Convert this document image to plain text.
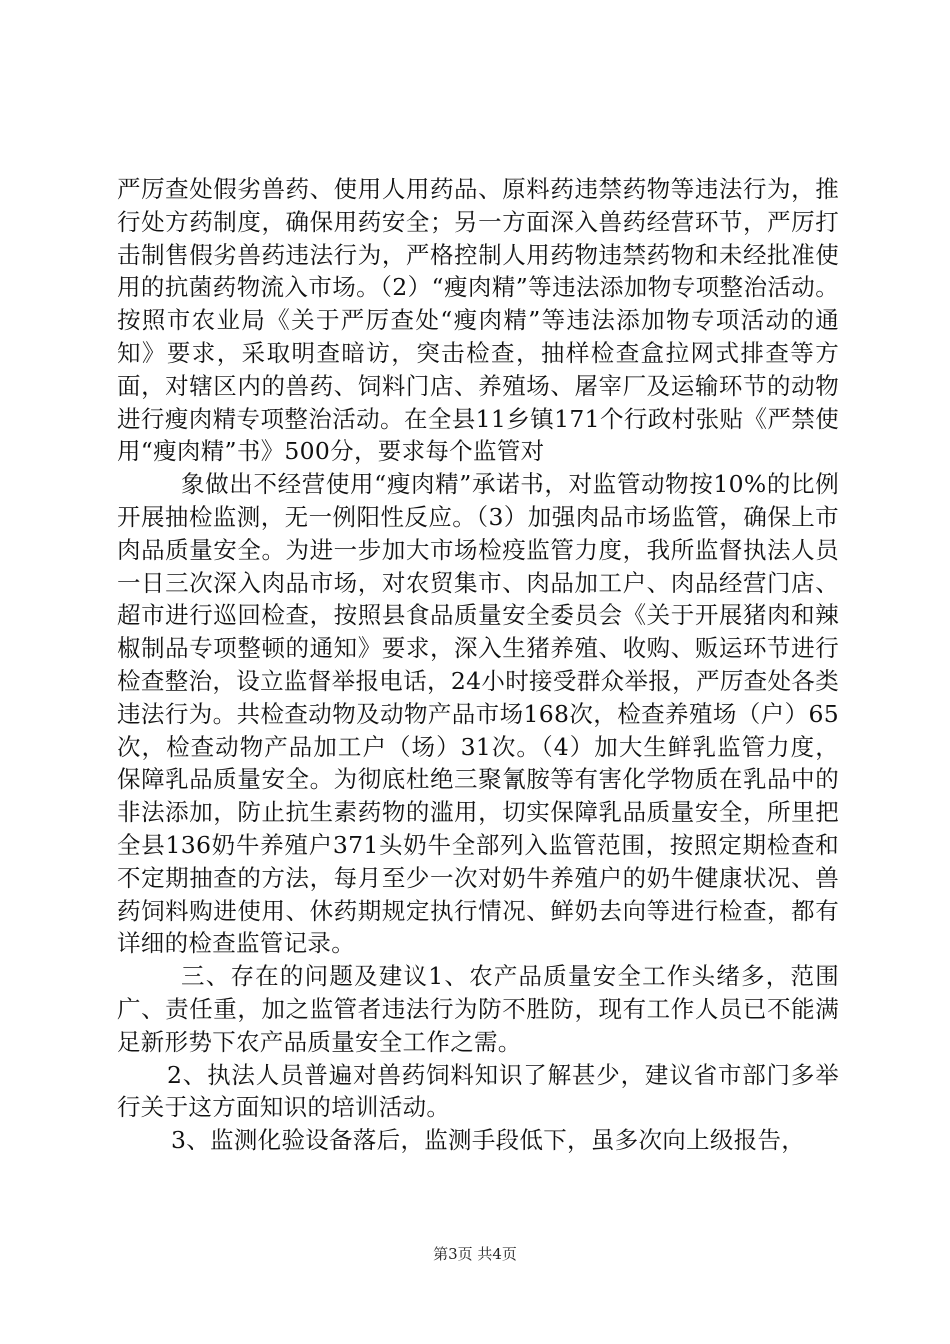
严厉查处假劣兽药、使用人用药品、原料药违禁药物等违法行为，推行处方药制度，确保用药安全；另一方面深入兽药经营环节，严厉打击制售假劣兽药违法行为，严格控制人用药物违禁药物和未经批准使用的抗菌药物流入市场。（2）“瘦肉精”等违法添加物专项整治活动。按照市农业局《关于严厉查处“瘦肉精”等违法添加物专项活动的通知》要求，采取明查暗访，突击检查，抽样检查盒拉网式排查等方面，对辖区内的兽药、饲料门店、养殖场、屠宰厂及运输环节的动物进行瘦肉精专项整治活动。在全县11乡镇171个行政村张贴《严禁使用“瘦肉精”书》500分，要求每个监管对

象做出不经营使用“瘦肉精”承诺书，对监管动物按10%的比例开展抽检监测，无一例阳性反应。（3）加强肉品市场监管，确保上市肉品质量安全。为进一步加大市场检疫监管力度，我所监督执法人员一日三次深入肉品市场，对农贸集市、肉品加工户、肉品经营门店、超市进行巡回检查，按照县食品质量安全委员会《关于开展猪肉和辣椒制品专项整顿的通知》要求，深入生猪养殖、收购、贩运环节进行检查整治，设立监督举报电话，24小时接受群众举报，严厉查处各类违法行为。共检查动物及动物产品市场168次，检查养殖场（户）65次，检查动物产品加工户（场）31次。（4）加大生鲜乳监管力度，保障乳品质量安全。为彻底杜绝三聚氰胺等有害化学物质在乳品中的非法添加，防止抗生素药物的滥用，切实保障乳品质量安全，所里把全县136奶牛养殖户371头奶牛全部列入监管范围，按照定期检查和不定期抽查的方法，每月至少一次对奶牛养殖户的奶牛健康状况、兽药饲料购进使用、休药期规定执行情况、鲜奶去向等进行检查，都有详细的检查监管记录。

三、存在的问题及建议1、农产品质量安全工作头绪多，范围广、责任重，加之监管者违法行为防不胜防，现有工作人员已不能满足新形势下农产品质量安全工作之需。

2、执法人员普遍对兽药饲料知识了解甚少，建议省市部门多举行关于这方面知识的培训活动。

3、监测化验设备落后，监测手段低下，虽多次向上级报告，

第3页 共4页
